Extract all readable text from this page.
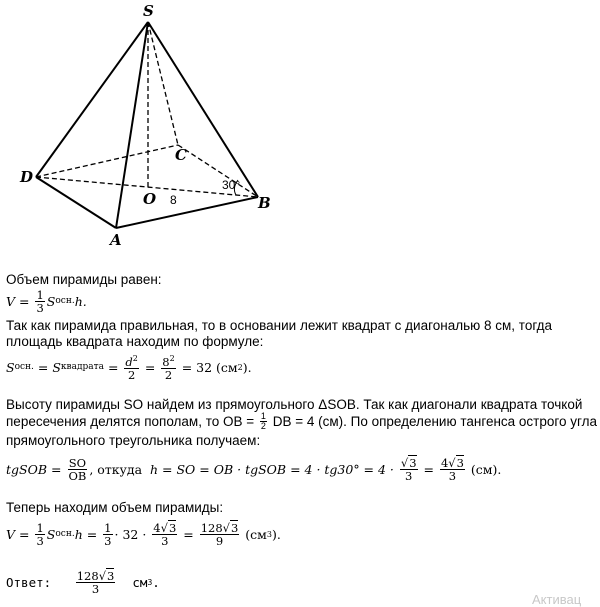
S
D
C
O
A
B
30°
8
Объем пирамиды равен:
$V = \frac{1}{3}$ S осн. h.
Так как пирамида правильная, то в основании лежит квадрат с диагональю 8 см, тогда
площадь квадрата находим по формуле:
S осн. = S квадрата = $\frac{d^2}{2} = \frac{8^2}{2}$
= 32 (см 2 ).
Высоту пирамиды SO найдем из прямоугольного ΔSOB. Так как диагонали квадрата точкой
пересечения делятся пополам, то OB =
$\frac{1}{2}$
DB = 4 (см). По определению тангенса острого угла
прямоугольного треугольника получаем:
tgSOB = $\frac{SO}{OB}$ , откуда
h = SO = OB · tgSOB = 4 · tg30° = 4 ·
$\frac{√3}{3} = \frac{4√3}{3}$
(см).
Теперь находим объем пирамиды:
$V = \frac{1}{3}$ S осн. $h = \frac{1}{3} \cdot 32$ ·
$\frac{4√3}{3} = \frac{128√3}{9}$
(см 3 ).
Ответ:
$\frac{128√3}{3}$
см 3 .
Активац
